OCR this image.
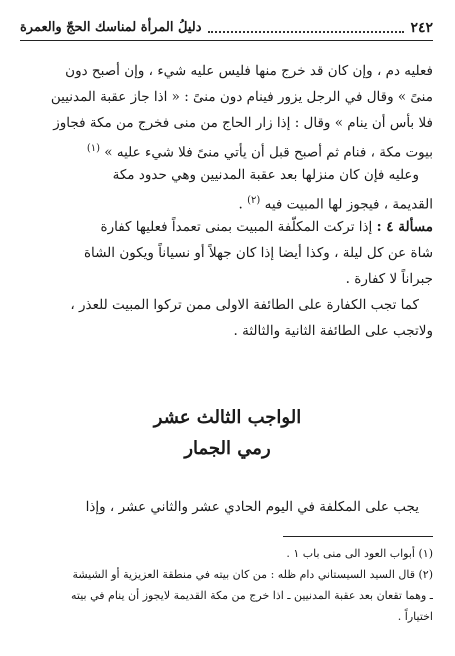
٢٤٢
دليلُ المرأة لمناسك الحجّ والعمرة
فعليه دم ، وإن كان قد خرج منها فليس عليه شيء ، وإن أصبح دون
منىً » وقال في الرجل يزور فينام دون منىً : « اذا جاز عقبة المدنيين
فلا بأس أن ينام » وقال : إذا زار الحاج من منى فخرج من مكة فجاوز
بيوت مكة ، فنام ثم أصبح قبل أن يأتي منىً فلا شيء عليه » $^{(١)}$
وعليه فإن كان منزلها بعد عقبة المدنيين وهي حدود مكة
القديمة ، فيجوز لها المبيت فيه $^{(٢)}$ .
مسألة ٤ : إذا تركت المكلّفة المبيت بمنى تعمداً فعليها كفارة
شاة عن كل ليلة ، وكذا أيضا إذا كان جهلاً أو نسياناً ويكون الشاة
جبراناً لا كفارة .
كما تجب الكفارة على الطائفة الاولى ممن تركوا المبيت للعذر ،
ولاتجب على الطائفة الثانية والثالثة .
الواجب الثالث عشر
رمي الجمار
يجب على المكلفة في اليوم الحادي عشر والثاني عشر ، وإذا
(١) أبواب العود الى منى باب ١ .
(٢) قال السيد السيستاني دام ظله : من كان بيته في منطقة العزيزية أو الشيشة
ـ وهما تقعان بعد عقبة المدنيين ـ اذا خرج من مكة القديمة لايجوز أن ينام في بيته
اختياراً .
